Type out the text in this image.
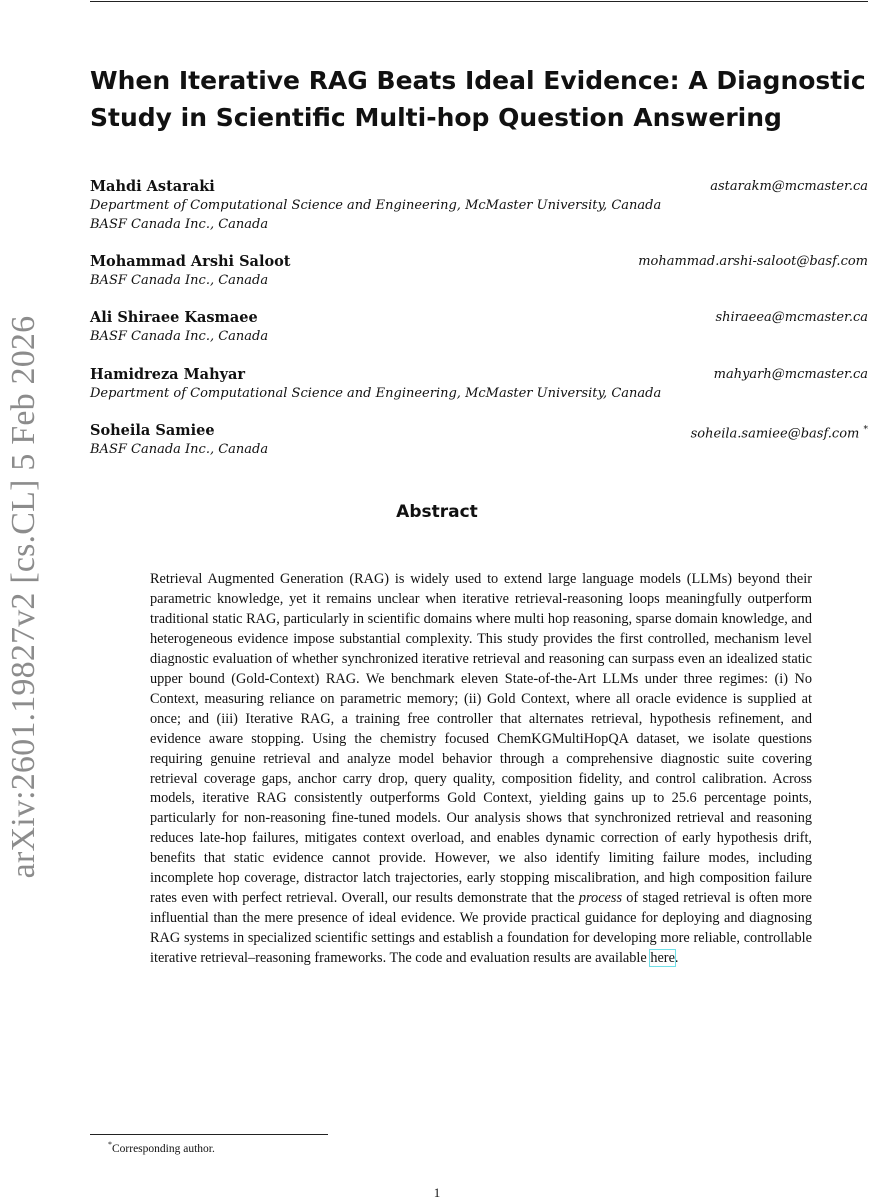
arXiv:2601.19827v2 [cs.CL] 5 Feb 2026
When Iterative RAG Beats Ideal Evidence: A Diagnostic Study in Scientific Multi-hop Question Answering
Mahdi Astaraki	astarakm@mcmaster.ca
Department of Computational Science and Engineering, McMaster University, Canada
BASF Canada Inc., Canada
Mohammad Arshi Saloot	mohammad.arshi-saloot@basf.com
BASF Canada Inc., Canada
Ali Shiraee Kasmaee	shiraeea@mcmaster.ca
BASF Canada Inc., Canada
Hamidreza Mahyar	mahyarh@mcmaster.ca
Department of Computational Science and Engineering, McMaster University, Canada
Soheila Samiee	soheila.samiee@basf.com *
BASF Canada Inc., Canada
Abstract

Retrieval Augmented Generation (RAG) is widely used to extend large language models (LLMs) beyond their parametric knowledge, yet it remains unclear when iterative retrieval-reasoning loops meaningfully outperform traditional static RAG, particularly in scientific domains where multi hop reasoning, sparse domain knowledge, and heterogeneous evidence impose substantial complexity. This study provides the first controlled, mechanism level diagnostic evaluation of whether synchronized iterative retrieval and reasoning can surpass even an idealized static upper bound (Gold-Context) RAG. We benchmark eleven State-of-the-Art LLMs under three regimes: (i) No Context, measuring reliance on parametric memory; (ii) Gold Context, where all oracle evidence is supplied at once; and (iii) Iterative RAG, a training free controller that alternates retrieval, hypothesis refinement, and evidence aware stopping. Using the chemistry focused ChemKGMultiHopQA dataset, we isolate questions requiring genuine retrieval and analyze model behavior through a comprehensive diagnostic suite covering retrieval coverage gaps, anchor carry drop, query quality, composition fidelity, and control calibration. Across models, iterative RAG consistently outperforms Gold Context, yielding gains up to 25.6 percentage points, particularly for non-reasoning fine-tuned models. Our analysis shows that synchronized retrieval and reasoning reduces late-hop failures, mitigates context overload, and enables dynamic correction of early hypothesis drift, benefits that static evidence cannot provide. However, we also identify limiting failure modes, including incomplete hop coverage, distractor latch trajectories, early stopping miscalibration, and high composition failure rates even with perfect retrieval. Overall, our results demonstrate that the process of staged retrieval is often more influential than the mere presence of ideal evidence. We provide practical guidance for deploying and diagnosing RAG systems in specialized scientific settings and establish a foundation for developing more reliable, controllable iterative retrieval–reasoning frameworks. The code and evaluation results are available here.

*Corresponding author.
1
